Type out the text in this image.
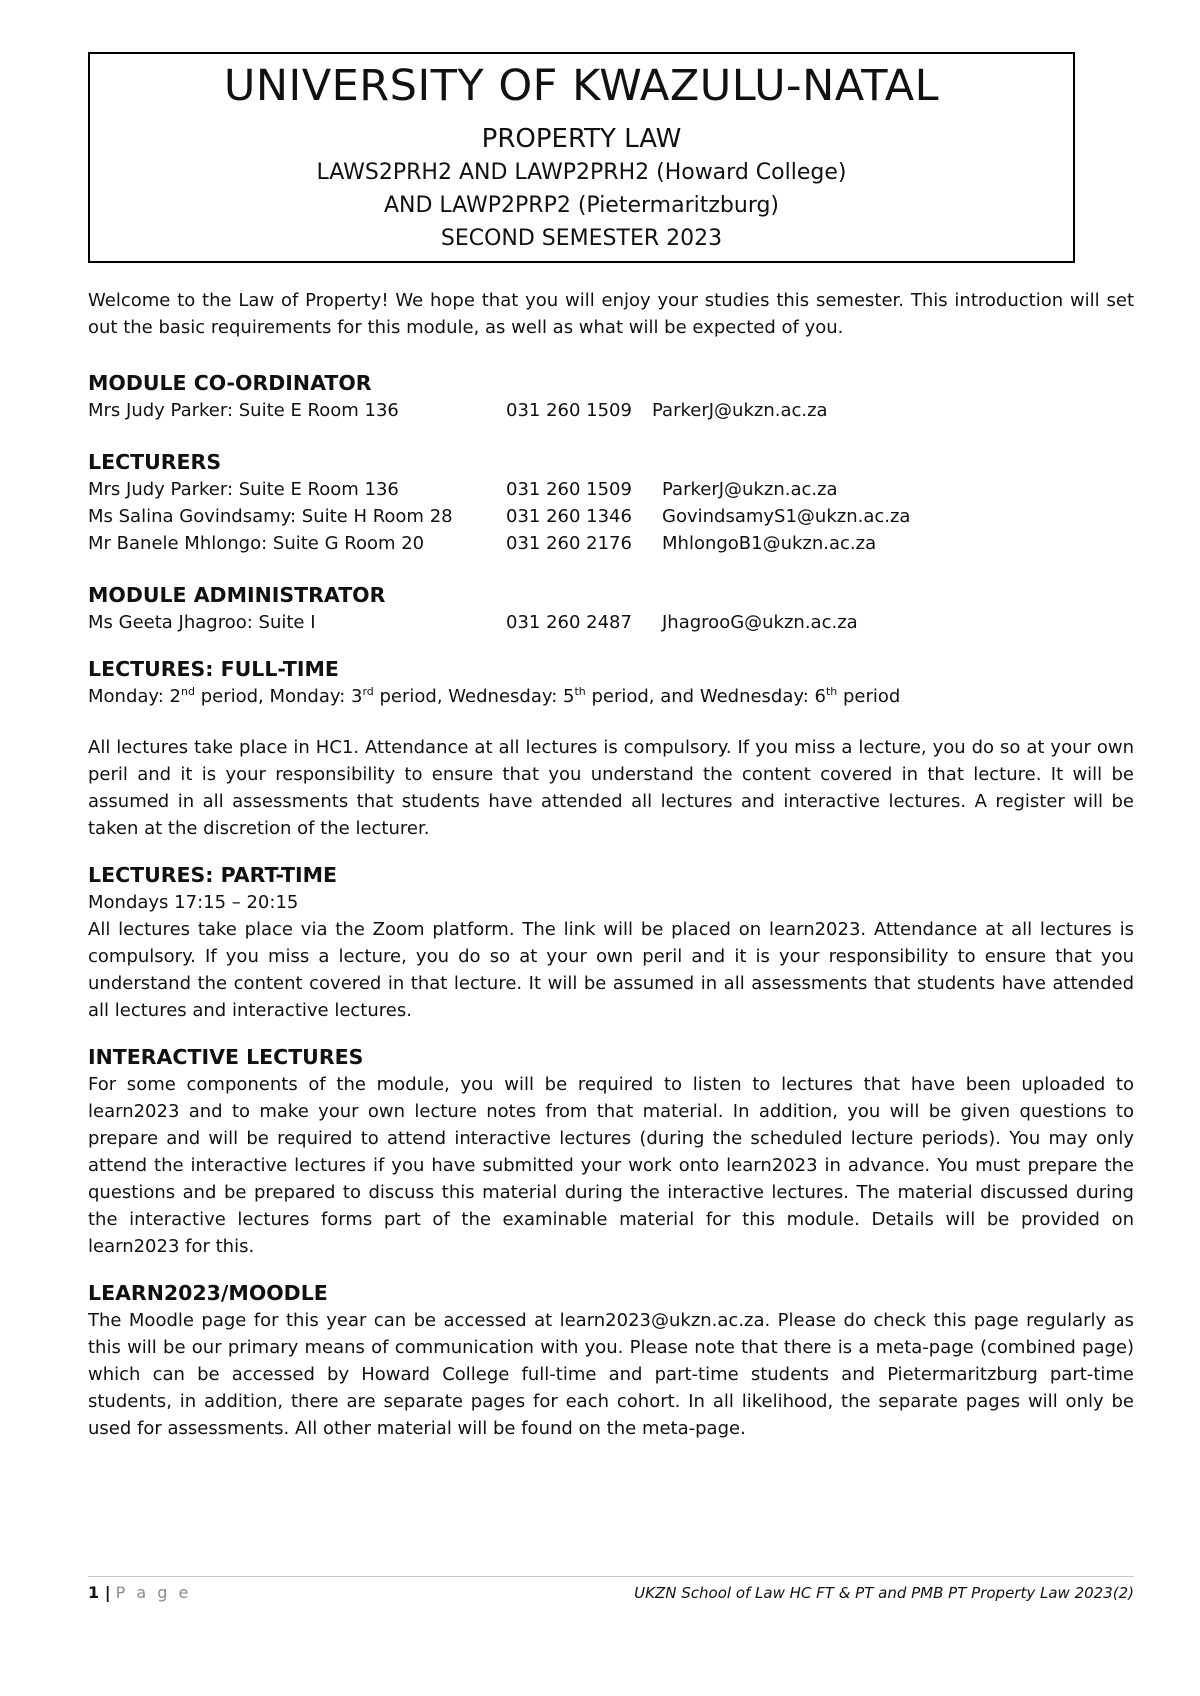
UNIVERSITY OF KWAZULU-NATAL
PROPERTY LAW
LAWS2PRH2 AND LAWP2PRH2 (Howard College)
AND LAWP2PRP2 (Pietermaritzburg)
SECOND SEMESTER 2023

Welcome to the Law of Property! We hope that you will enjoy your studies this semester. This introduction will set out the basic requirements for this module, as well as what will be expected of you.

MODULE CO-ORDINATOR
Mrs Judy Parker: Suite E Room 136	031 260 1509	ParkerJ@ukzn.ac.za
LECTURERS
Mrs Judy Parker: Suite E Room 136	031 260 1509	ParkerJ@ukzn.ac.za
Ms Salina Govindsamy: Suite H Room 28	031 260 1346	GovindsamyS1@ukzn.ac.za
Mr Banele Mhlongo: Suite G Room 20	031 260 2176	MhlongoB1@ukzn.ac.za
MODULE ADMINISTRATOR
Ms Geeta Jhagroo: Suite I	031 260 2487	JhagrooG@ukzn.ac.za
LECTURES: FULL-TIME
Monday: 2nd period, Monday: 3rd period, Wednesday: 5th period, and Wednesday: 6th period

All lectures take place in HC1. Attendance at all lectures is compulsory. If you miss a lecture, you do so at your own peril and it is your responsibility to ensure that you understand the content covered in that lecture. It will be assumed in all assessments that students have attended all lectures and interactive lectures. A register will be taken at the discretion of the lecturer.

LECTURES: PART-TIME
Mondays 17:15 – 20:15

All lectures take place via the Zoom platform. The link will be placed on learn2023. Attendance at all lectures is compulsory. If you miss a lecture, you do so at your own peril and it is your responsibility to ensure that you understand the content covered in that lecture. It will be assumed in all assessments that students have attended all lectures and interactive lectures.

INTERACTIVE LECTURES

For some components of the module, you will be required to listen to lectures that have been uploaded to learn2023 and to make your own lecture notes from that material. In addition, you will be given questions to prepare and will be required to attend interactive lectures (during the scheduled lecture periods). You may only attend the interactive lectures if you have submitted your work onto learn2023 in advance. You must prepare the questions and be prepared to discuss this material during the interactive lectures. The material discussed during the interactive lectures forms part of the examinable material for this module. Details will be provided on learn2023 for this.

LEARN2023/MOODLE

The Moodle page for this year can be accessed at learn2023@ukzn.ac.za. Please do check this page regularly as this will be our primary means of communication with you. Please note that there is a meta-page (combined page) which can be accessed by Howard College full-time and part-time students and Pietermaritzburg part-time students, in addition, there are separate pages for each cohort. In all likelihood, the separate pages will only be used for assessments. All other material will be found on the meta-page.

1 | P a g e	UKZN School of Law HC FT & PT and PMB PT Property Law 2023(2)
